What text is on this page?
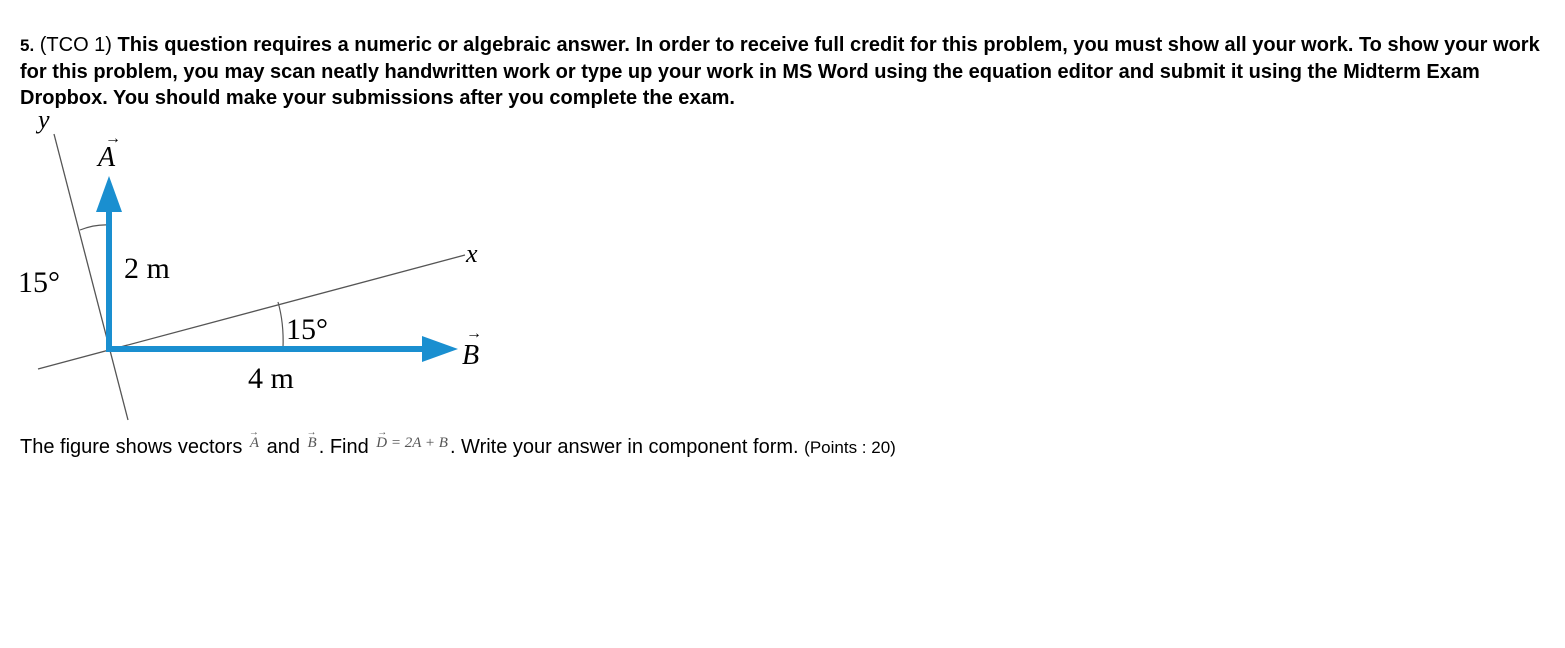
5. (TCO 1) This question requires a numeric or algebraic answer. In order to receive full credit for this problem, you must show all your work. To show your work for this problem, you may scan neatly handwritten work or type up your work in MS Word using the equation editor and submit it using the Midterm Exam Dropbox. You should make your submissions after you complete the exam.
y
x
→
A
→
B
2 m
4 m
15°
15°
The figure shows vectors → A and → B . Find → $^{D = 2A + B}$ . Write your answer in component form. (Points : 20)
